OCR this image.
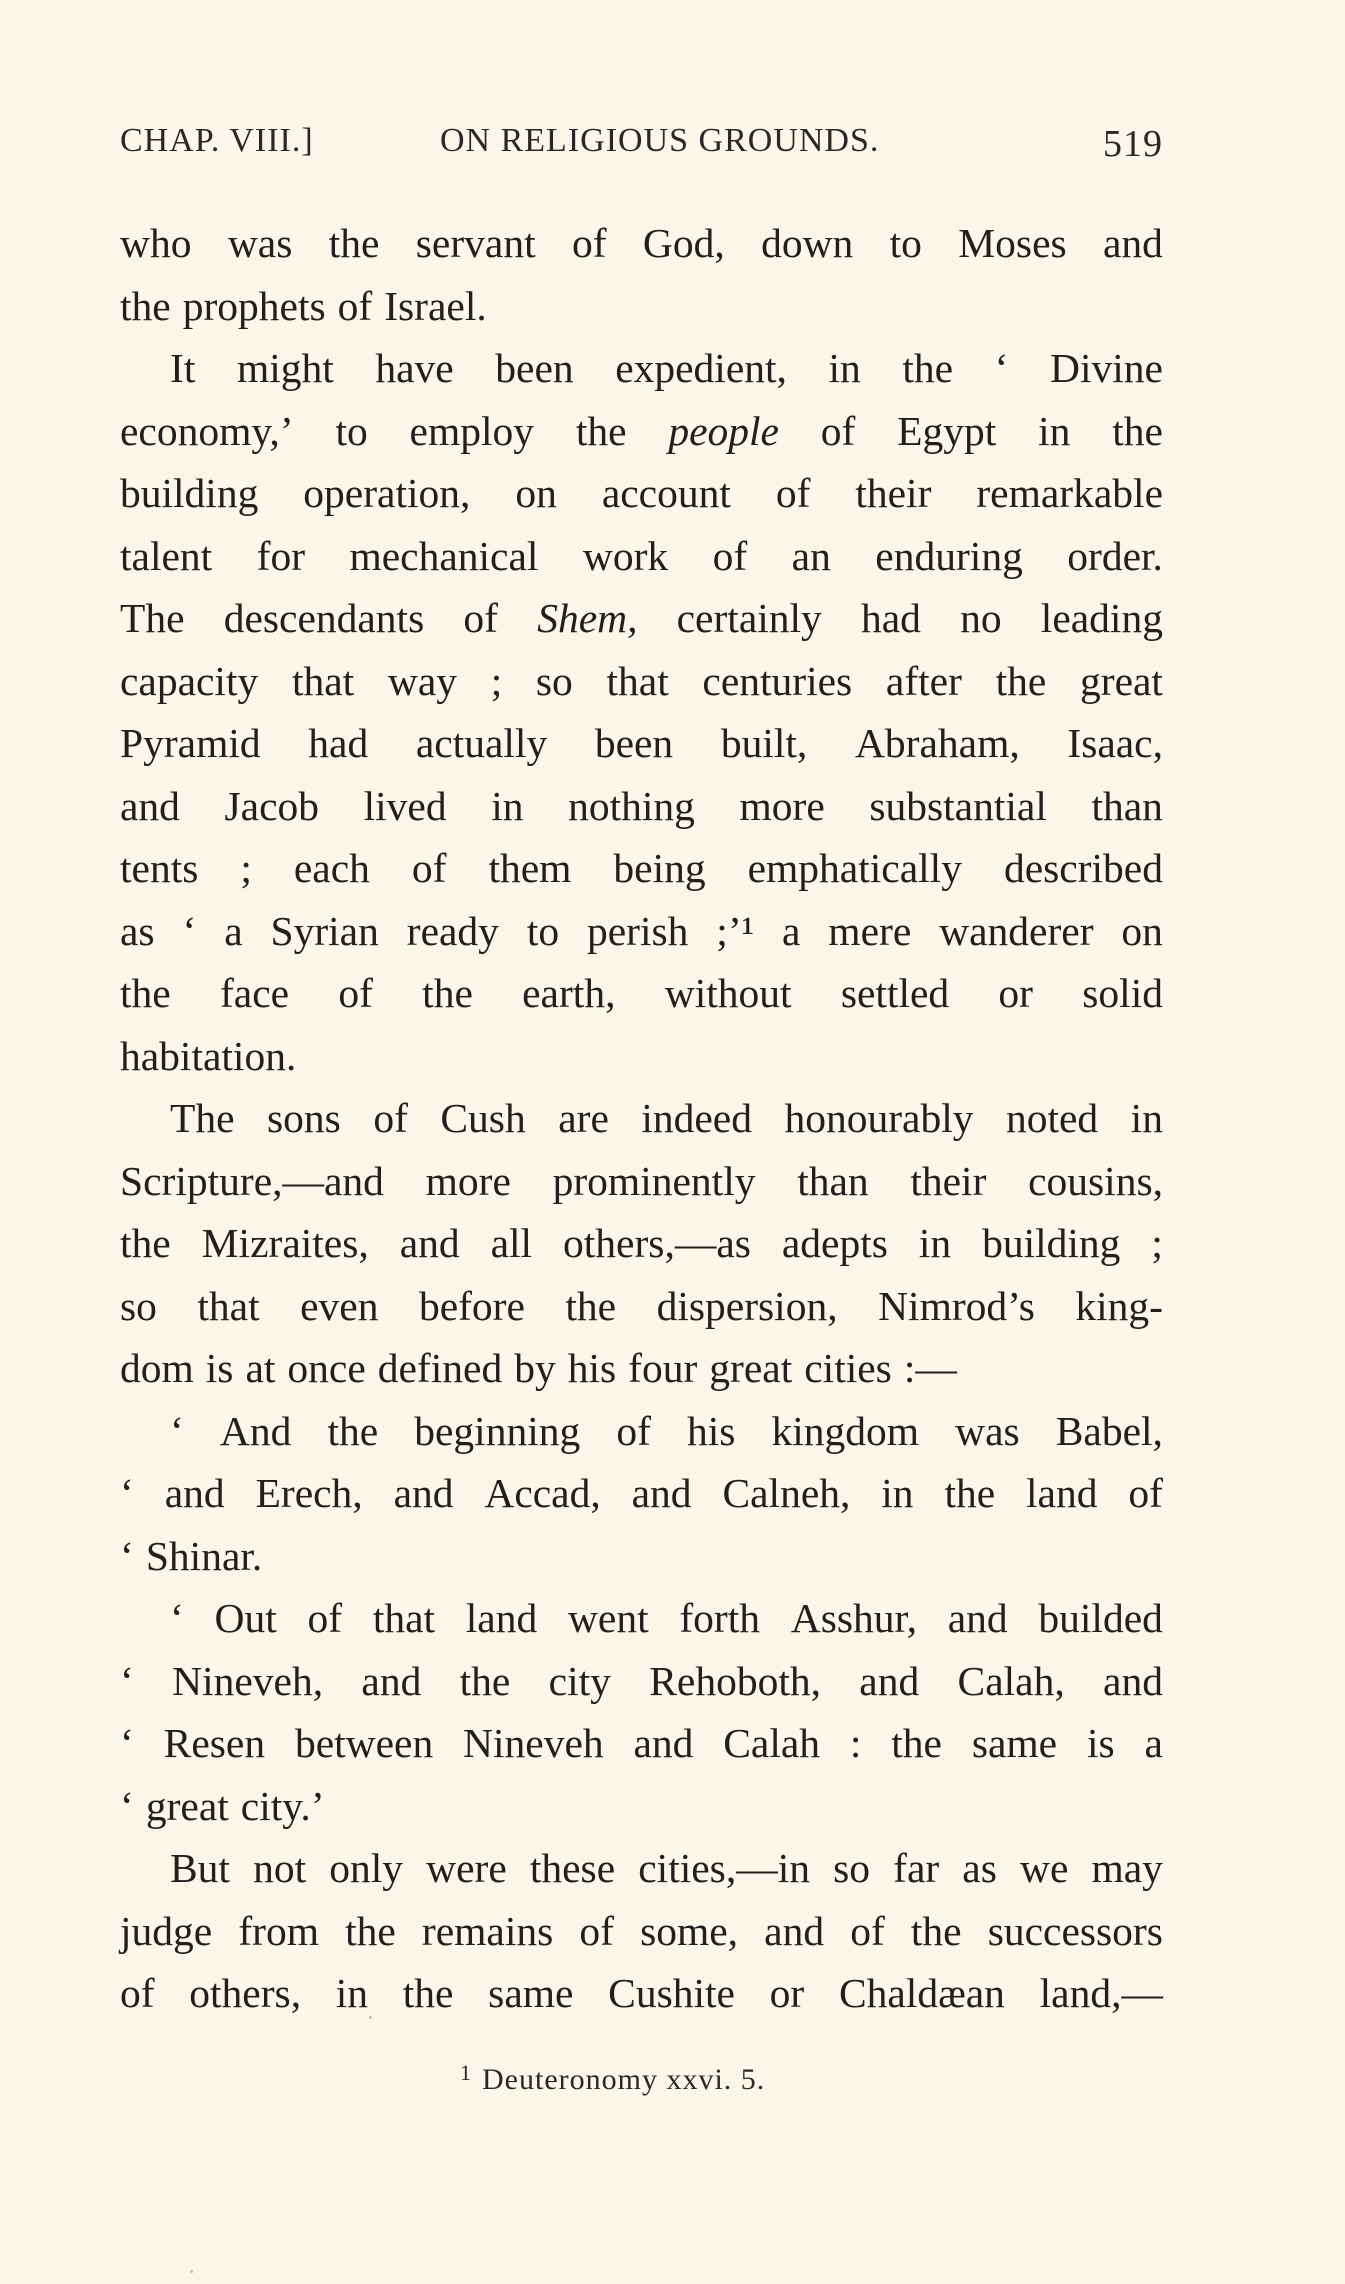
CHAP. VIII.]	ON RELIGIOUS GROUNDS.	519
who was the servant of God, down to Moses and
the prophets of Israel.
It might have been expedient, in the ‘ Divine
economy,’ to employ the people of Egypt in the
building operation, on account of their remarkable
talent for mechanical work of an enduring order.
The descendants of Shem, certainly had no leading
capacity that way ; so that centuries after the great
Pyramid had actually been built, Abraham, Isaac,
and Jacob lived in nothing more substantial than
tents ; each of them being emphatically described
as ‘ a Syrian ready to perish ;’¹ a mere wanderer on
the face of the earth, without settled or solid
habitation.
The sons of Cush are indeed honourably noted in
Scripture,—and more prominently than their cousins,
the Mizraites, and all others,—as adepts in building ;
so that even before the dispersion, Nimrod’s king-
dom is at once defined by his four great cities :—
‘ And the beginning of his kingdom was Babel,
‘ and Erech, and Accad, and Calneh, in the land of
‘ Shinar.
‘ Out of that land went forth Asshur, and builded
‘ Nineveh, and the city Rehoboth, and Calah, and
‘ Resen between Nineveh and Calah : the same is a
‘ great city.’
But not only were these cities,—in so far as we may
judge from the remains of some, and of the successors
of others, in the same Cushite or Chaldæan land,—
$^1$ Deuteronomy xxvi. 5.
